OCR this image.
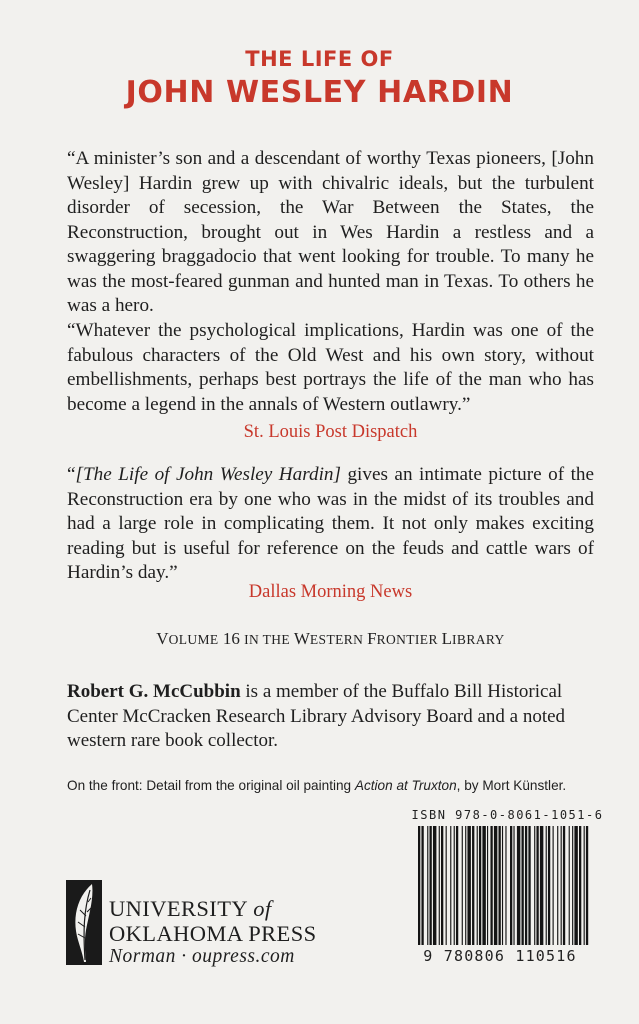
THE LIFE OF
JOHN WESLEY HARDIN
“A minister’s son and a descendant of worthy Texas pioneers, [John Wesley] Hardin grew up with chivalric ideals, but the turbulent disorder of secession, the War Between the States, the Reconstruction, brought out in Wes Hardin a restless and a swaggering braggadocio that went looking for trouble. To many he was the most-feared gunman and hunted man in Texas. To others he was a hero.
“Whatever the psychological implications, Hardin was one of the fabulous characters of the Old West and his own story, without embellishments, perhaps best portrays the life of the man who has become a legend in the annals of Western outlawry.”
St. Louis Post Dispatch
“[The Life of John Wesley Hardin] gives an intimate picture of the Reconstruction era by one who was in the midst of its troubles and had a large role in complicating them. It not only makes exciting reading but is useful for reference on the feuds and cattle wars of Hardin’s day.”
Dallas Morning News
VOLUME 16 IN THE WESTERN FRONTIER LIBRARY
Robert G. McCubbin is a member of the Buffalo Bill Historical Center McCracken Research Library Advisory Board and a noted western rare book collector.
On the front: Detail from the original oil painting Action at Truxton, by Mort Künstler.
ISBN 978-0-8061-1051-6
9 780806 110516
UNIVERSITY of
OKLAHOMA PRESS
Norman · oupress.com
